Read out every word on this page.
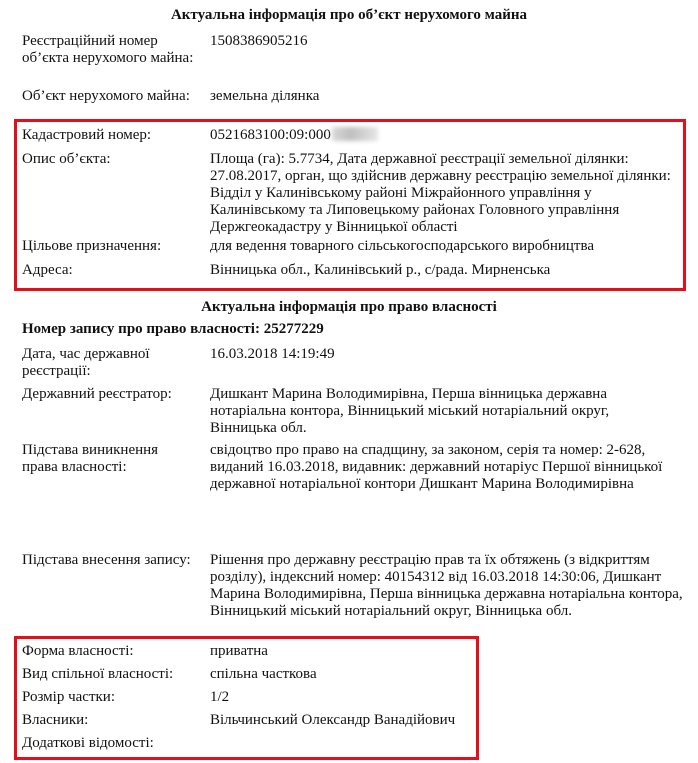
Актуальна інформація про об’єкт нерухомого майна
Реєстраційний номер об’єкта нерухомого майна:
1508386905216
Об’єкт нерухомого майна:	земельна ділянка
Кадастровий номер:	0521683100:09:000
Опис об’єкта:	Площа (га): 5.7734, Дата державної реєстрації земельної ділянки: 27.08.2017, орган, що здійснив державну реєстрацію земельної ділянки: Відділ у Калинівському районі Міжрайонного управління у Калинівському та Липовецькому районах Головного управління Держгеокадастру у Вінницької області
Цільове призначення:	для ведення товарного сільськогосподарського виробництва
Адреса:	Вінницька обл., Калинівський р., с/рада. Мирненська
Актуальна інформація про право власності
Номер запису про право власності: 25277229
Дата, час державної реєстрації:
16.03.2018 14:19:49
Державний реєстратор:	Дишкант Марина Володимирівна, Перша вінницька державна нотаріальна контора, Вінницький міський нотаріальний округ, Вінницька обл.
Підстава виникнення права власності:
свідоцтво про право на спадщину, за законом, серія та номер: 2-628, виданий 16.03.2018, видавник: державний нотаріус Першої вінницької державної нотаріальної контори Дишкант Марина Володимирівна
Підстава внесення запису:	Рішення про державну реєстрацію прав та їх обтяжень (з відкриттям розділу), індексний номер: 40154312 від 16.03.2018 14:30:06, Дишкант Марина Володимирівна, Перша вінницька державна нотаріальна контора, Вінницький міський нотаріальний округ, Вінницька обл.
Форма власності:	приватна
Вид спільної власності:	спільна часткова
Розмір частки:	1/2
Власники:	Вільчинський Олександр Ванадійович
Додаткові відомості:
